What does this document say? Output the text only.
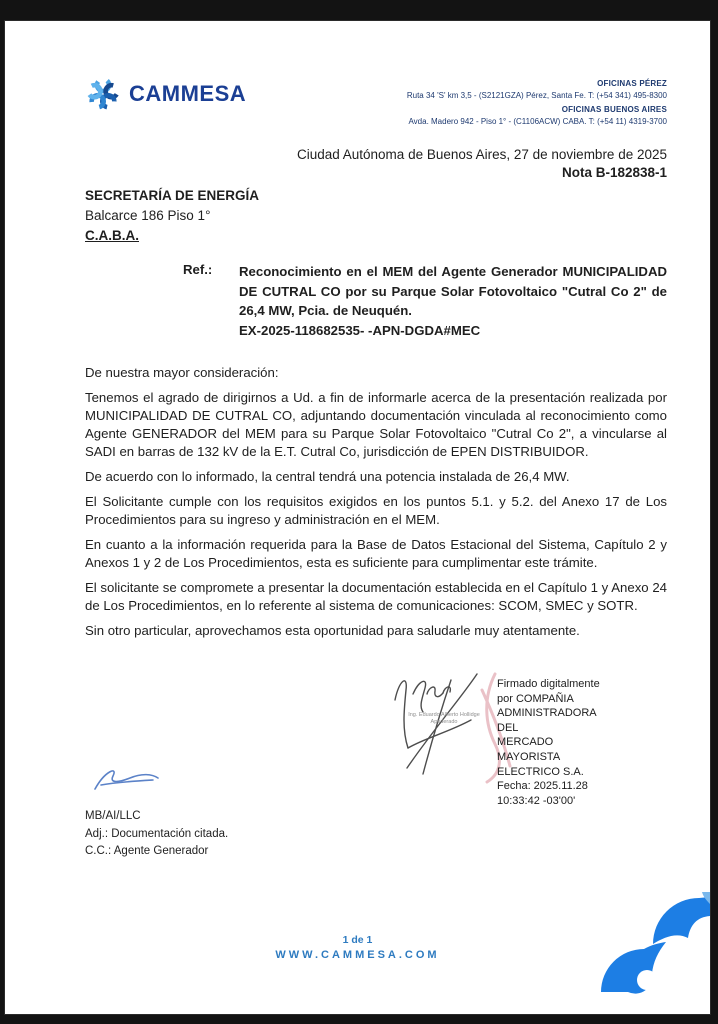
CAMMESA	OFICINAS PÉREZ
Ruta 34 'S' km 3,5 - (S2121GZA) Pérez, Santa Fe. T: (+54 341) 495-8300
OFICINAS BUENOS AIRES
Avda. Madero 942 - Piso 1° - (C1106ACW) CABA. T: (+54 11) 4319-3700
Ciudad Autónoma de Buenos Aires, 27 de noviembre de 2025
Nota B-182838-1
SECRETARÍA DE ENERGÍA
Balcarce 186 Piso 1°
C.A.B.A.
Ref.:	Reconocimiento en el MEM del Agente Generador MUNICIPALIDAD DE CUTRAL CO por su Parque Solar Fotovoltaico "Cutral Co 2" de 26,4 MW, Pcia. de Neuquén.
EX-2025-118682535- -APN-DGDA#MEC

De nuestra mayor consideración:

Tenemos el agrado de dirigirnos a Ud. a fin de informarle acerca de la presentación realizada por MUNICIPALIDAD DE CUTRAL CO, adjuntando documentación vinculada al reconocimiento como Agente GENERADOR del MEM para su Parque Solar Fotovoltaico "Cutral Co 2", a vincularse al SADI en barras de 132 kV de la E.T. Cutral Co, jurisdicción de EPEN DISTRIBUIDOR.

De acuerdo con lo informado, la central tendrá una potencia instalada de 26,4 MW.

El Solicitante cumple con los requisitos exigidos en los puntos 5.1. y 5.2. del Anexo 17 de Los Procedimientos para su ingreso y administración en el MEM.

En cuanto a la información requerida para la Base de Datos Estacional del Sistema, Capítulo 2 y Anexos 1 y 2 de Los Procedimientos, esta es suficiente para cumplimentar este trámite.

El solicitante se compromete a presentar la documentación establecida en el Capítulo 1 y Anexo 24 de Los Procedimientos, en lo referente al sistema de comunicaciones: SCOM, SMEC y SOTR.

Sin otro particular, aprovechamos esta oportunidad para saludarle muy atentamente.

Ing. Eduardo Alberto Hollidge
Apoderado
Firmado digitalmente
por COMPAÑIA
ADMINISTRADORA DEL
MERCADO MAYORISTA
ELECTRICO S.A.
Fecha: 2025.11.28
10:33:42 -03'00'
MB/AI/LLC
Adj.: Documentación citada.
C.C.: Agente Generador
1 de 1
WWW.CAMMESA.COM
